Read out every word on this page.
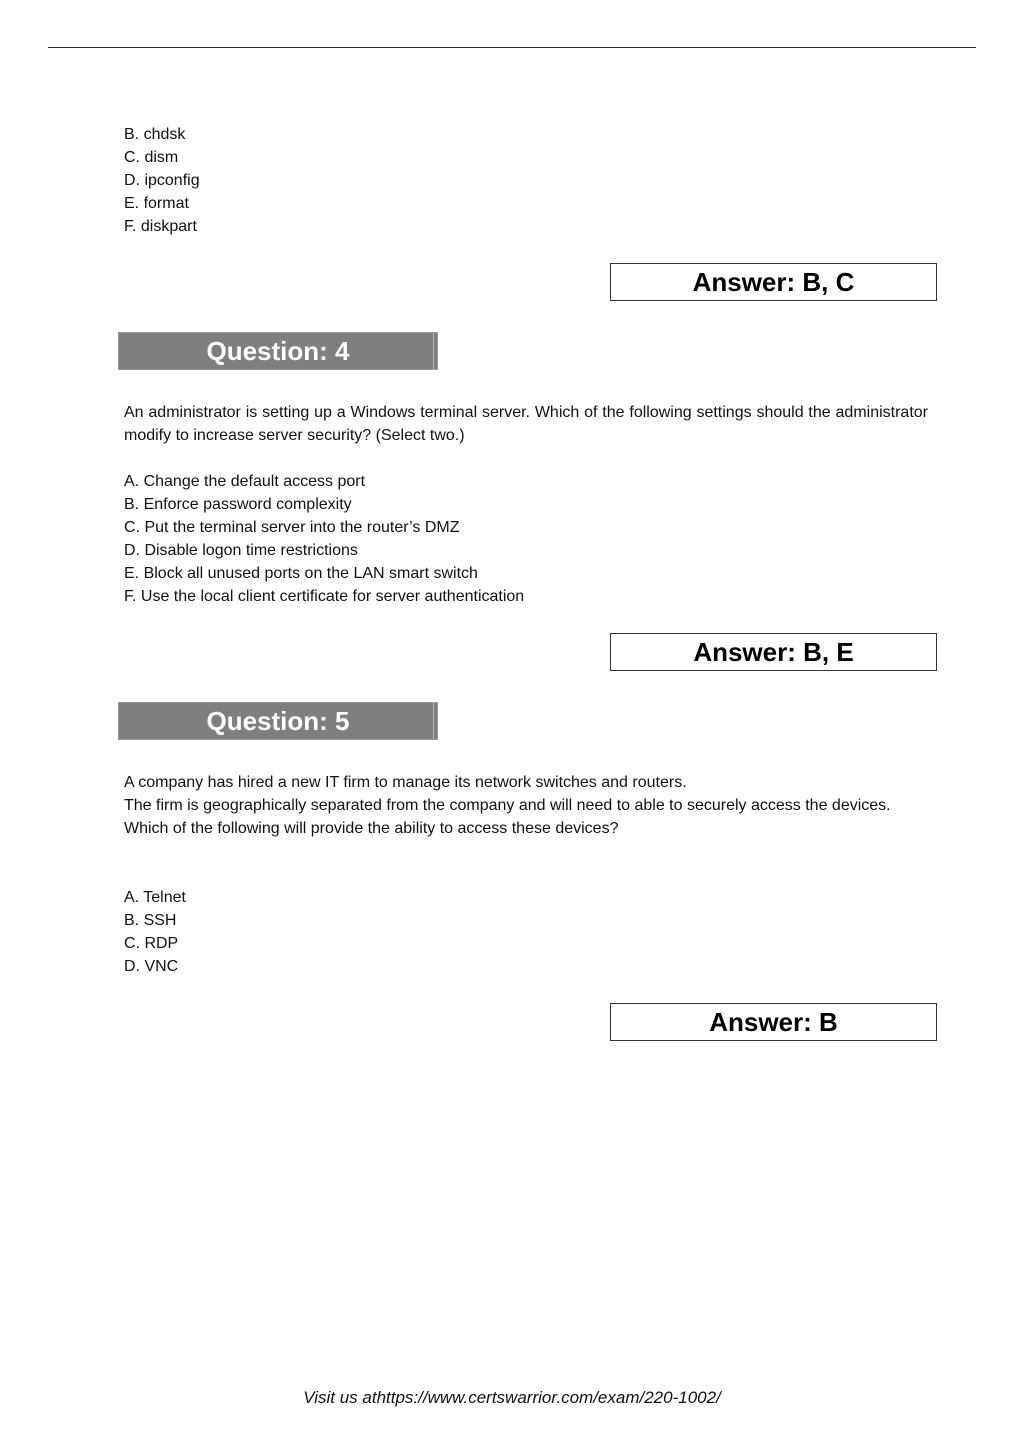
B. chdsk
C. dism
D. ipconfig
E. format
F. diskpart
Answer: B, C
Question: 4

An administrator is setting up a Windows terminal server. Which of the following settings should the administrator modify to increase server security? (Select two.)

A. Change the default access port
B. Enforce password complexity
C. Put the terminal server into the router’s DMZ
D. Disable logon time restrictions
E. Block all unused ports on the LAN smart switch
F. Use the local client certificate for server authentication
Answer: B, E
Question: 5

A company has hired a new IT firm to manage its network switches and routers.

The firm is geographically separated from the company and will need to able to securely access the devices.

Which of the following will provide the ability to access these devices?

A. Telnet
B. SSH
C. RDP
D. VNC
Answer: B
Visit us athttps://www.certswarrior.com/exam/220-1002/
